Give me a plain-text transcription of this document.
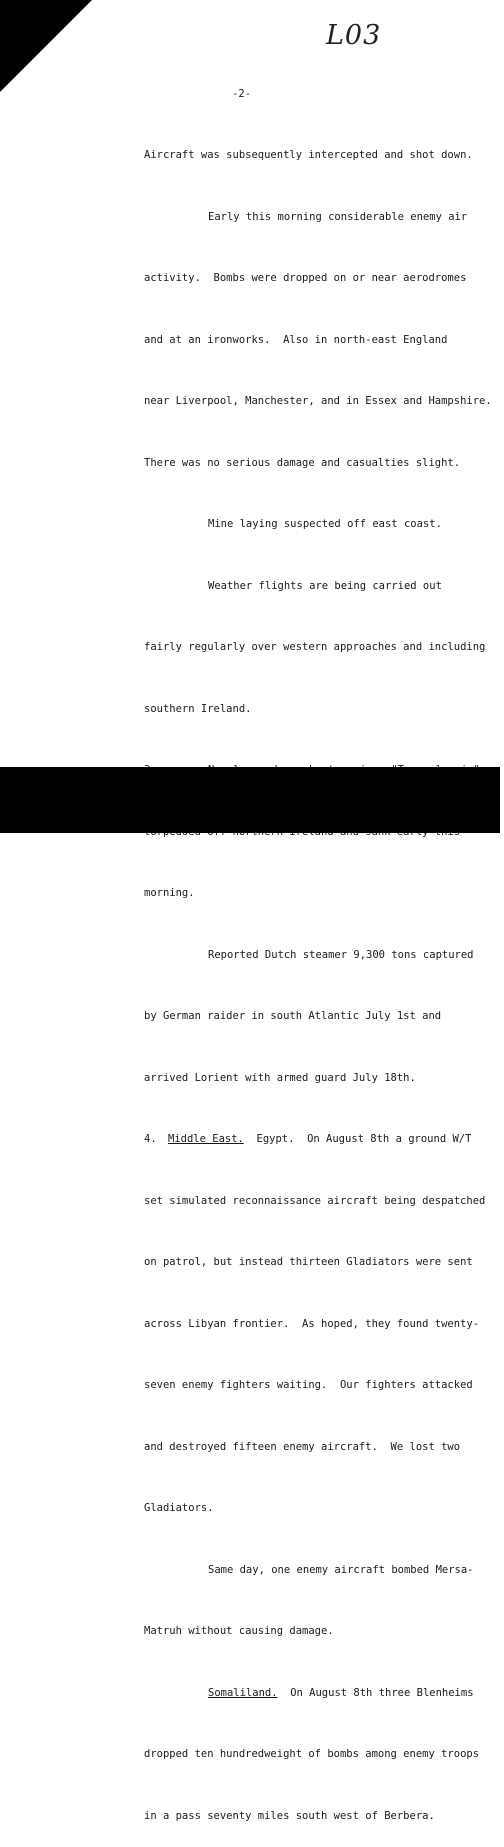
L03
-2-

Aircraft was subsequently intercepted and shot down.

Early this morning considerable enemy air

activity.  Bombs were dropped on or near aerodromes

and at an ironworks.  Also in north-east England

near Liverpool, Manchester, and in Essex and Hampshire.

There was no serious damage and casualties slight.

Mine laying suspected off east coast.

Weather flights are being carried out

fairly regularly over western approaches and including

southern Ireland.

morning.

Reported Dutch steamer 9,300 tons captured

by German raider in south Atlantic July 1st and

arrived Lorient with armed guard July 18th.

4. Middle East.  Egypt.  On August 8th a ground W/T

set simulated reconnaissance aircraft being despatched

on patrol, but instead thirteen Gladiators were sent

across Libyan frontier.  As hoped, they found twenty-

seven enemy fighters waiting.  Our fighters attacked

and destroyed fifteen enemy aircraft.  We lost two

Gladiators.

Same day, one enemy aircraft bombed Mersa-

Matruh without causing damage.

Somaliland.  On August 8th three Blenheims

dropped ten hundredweight of bombs among enemy troops

in a pass seventy miles south west of Berbera.
